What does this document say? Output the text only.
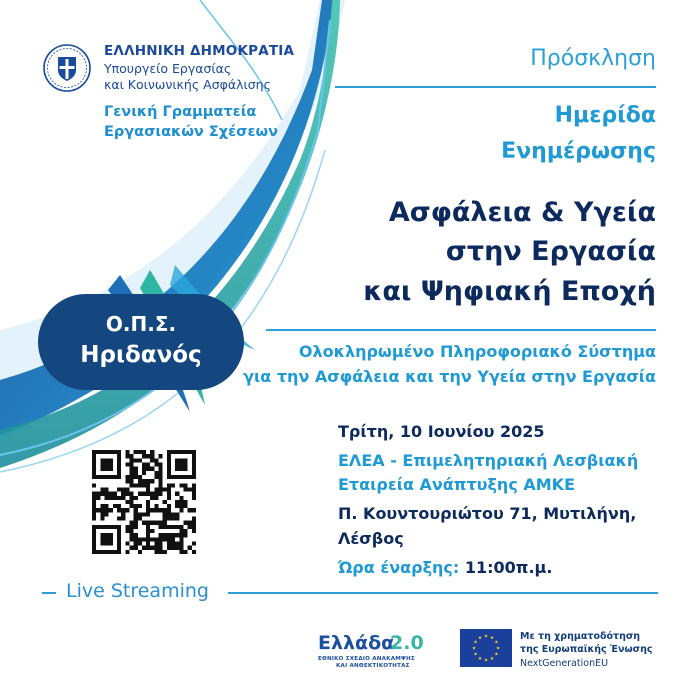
ΕΛΛΗΝΙΚΗ ΔΗΜΟΚΡΑΤΙΑ

Υπουργείο Εργασίας

και Κοινωνικής Ασφάλισης

Γενική Γραμματεία

Εργασιακών Σχέσεων

Πρόσκληση

Ημερίδα

Ενημέρωσης

Ασφάλεια & Υγεία

στην Εργασία

και Ψηφιακή Εποχή

Ο.Π.Σ.

Ηριδανός	Ολοκληρωμένο Πληροφοριακό Σύστημα

για την Ασφάλεια και την Υγεία στην Εργασία

Τρίτη, 10 Ιουνίου 2025

ΕΛΕΑ - Επιμελητηριακή Λεσβιακή

Εταιρεία Ανάπτυξης ΑΜΚΕ

Π. Κουντουριώτου 71, Μυτιλήνη,

Λέσβος

Ώρα έναρξης: 11:00π.μ.

Live Streaming

Ελλάδα
2.0
ΕΘΝΙΚΟ ΣΧΕΔΙΟ ΑΝΑΚΑΜΨΗΣ
ΚΑΙ ΑΝΘΕΚΤΙΚΟΤΗΤΑΣ

Με τη χρηματοδότηση

της Ευρωπαϊκής Ένωσης

NextGenerationEU
